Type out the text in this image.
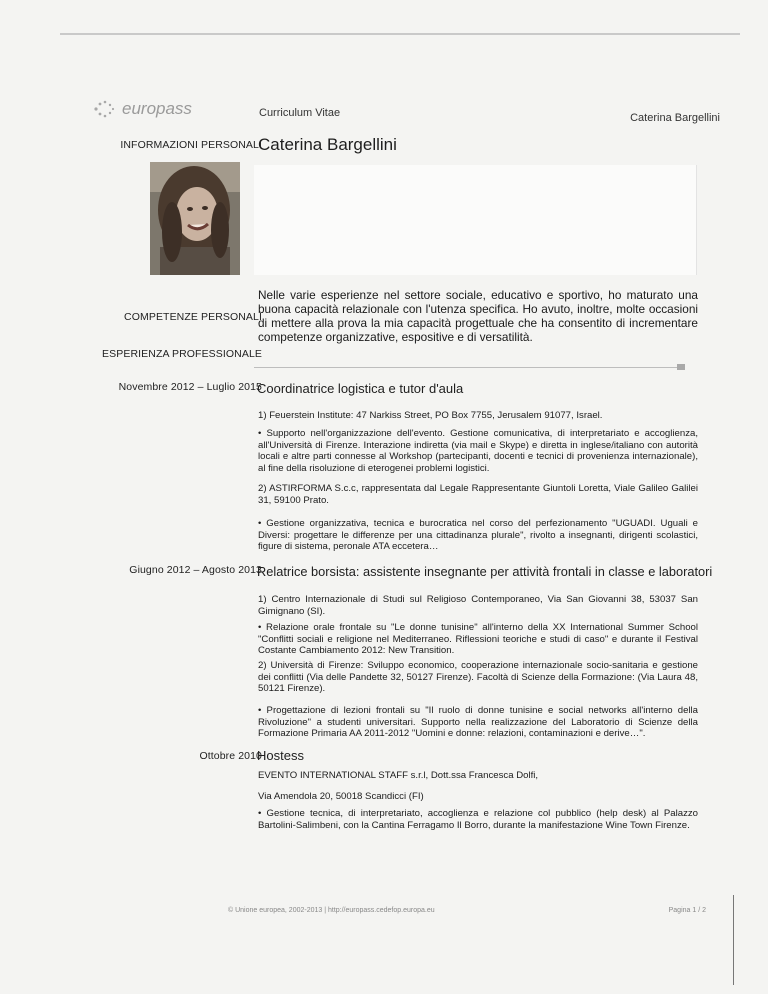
europass	Curriculum Vitae	Caterina Bargellini
INFORMAZIONI PERSONALI
Caterina Bargellini
COMPETENZE PERSONALI
Nelle varie esperienze nel settore sociale, educativo e sportivo, ho maturato una buona capacità relazionale con l'utenza specifica. Ho avuto, inoltre, molte occasioni di mettere alla prova la mia capacità progettuale che ha consentito di incrementare competenze organizzative, espositive e di versatilità.
ESPERIENZA PROFESSIONALE
Novembre 2012 – Luglio 2015
Coordinatrice logistica e tutor d'aula
1) Feuerstein Institute: 47 Narkiss Street, PO Box 7755, Jerusalem 91077, Israel.
• Supporto nell'organizzazione dell'evento. Gestione comunicativa, di interpretariato e accoglienza, all'Università di Firenze. Interazione indiretta (via mail e Skype) e diretta in inglese/italiano con autorità locali e altre parti connesse al Workshop (partecipanti, docenti e tecnici di provenienza internazionale), al fine della risoluzione di eterogenei problemi logistici.
2) ASTIRFORMA S.c.c, rappresentata dal Legale Rappresentante Giuntoli Loretta, Viale Galileo Galilei 31, 59100 Prato.
• Gestione organizzativa, tecnica e burocratica nel corso del perfezionamento "UGUADI. Uguali e Diversi: progettare le differenze per una cittadinanza plurale", rivolto a insegnanti, dirigenti scolastici, figure di sistema, peronale ATA eccetera…
Giugno 2012 – Agosto 2013
Relatrice borsista: assistente insegnante per attività frontali in classe e laboratori
1) Centro Internazionale di Studi sul Religioso Contemporaneo, Via San Giovanni 38, 53037 San Gimignano (SI).
• Relazione orale frontale su "Le donne tunisine" all'interno della XX International Summer School "Conflitti sociali e religione nel Mediterraneo. Riflessioni teoriche e studi di caso" e durante il Festival Costante Cambiamento 2012: New Transition.
2) Università di Firenze: Sviluppo economico, cooperazione internazionale socio-sanitaria e gestione dei conflitti (Via delle Pandette 32, 50127 Firenze). Facoltà di Scienze della Formazione: (Via Laura 48, 50121 Firenze).
• Progettazione di lezioni frontali su "Il ruolo di donne tunisine e social networks all'interno della Rivoluzione" a studenti universitari. Supporto nella realizzazione del Laboratorio di Scienze della Formazione Primaria AA 2011-2012 "Uomini e donne: relazioni, contaminazioni e derive…".
Ottobre 2010
Hostess
EVENTO INTERNATIONAL STAFF s.r.l, Dott.ssa Francesca Dolfi,
Via Amendola 20, 50018 Scandicci (FI)
• Gestione tecnica, di interpretariato, accoglienza e relazione col pubblico (help desk) al Palazzo Bartolini-Salimbeni, con la Cantina Ferragamo Il Borro, durante la manifestazione Wine Town Firenze.
© Unione europea, 2002-2013 | http://europass.cedefop.europa.eu	Pagina 1 / 2
